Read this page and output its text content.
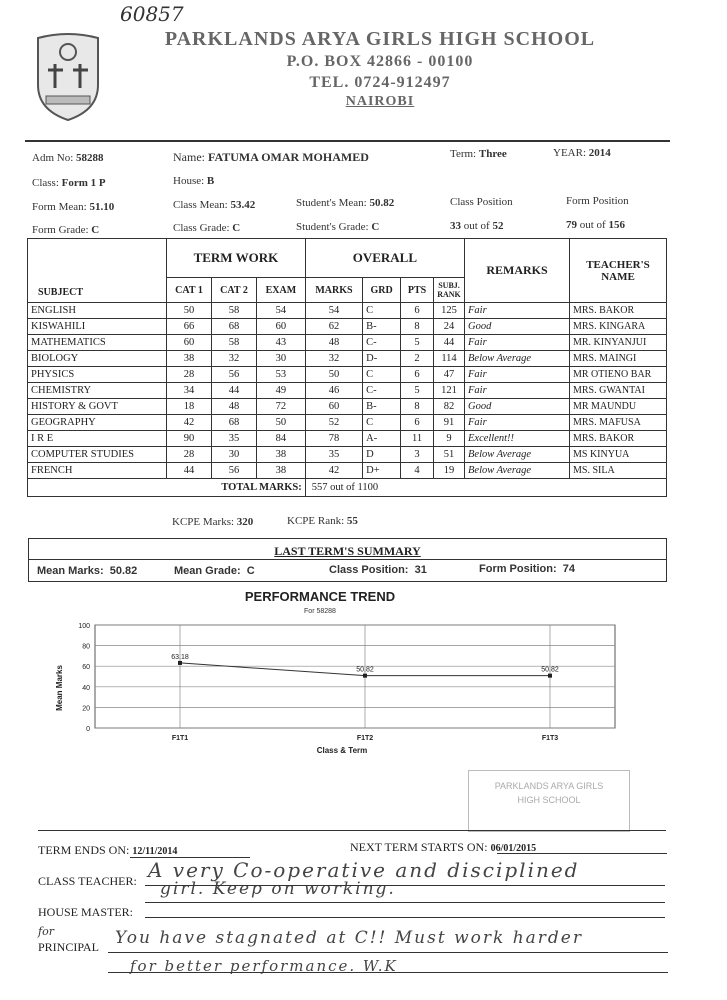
60857
PARKLANDS ARYA GIRLS HIGH SCHOOL
P.O. BOX 42866 - 00100
TEL. 0724-912497
NAIROBI
Adm No: 58288	Name: FATUMA OMAR MOHAMED	Term: Three	YEAR: 2014
Class: Form 1 P	House: B
Form Mean: 51.10	Class Mean: 53.42	Student's Mean: 50.82	Class Position	Form Position
Form Grade: C	Class Grade: C	Student's Grade: C	33 out of 52	79 out of 156
SUBJECT	TERM WORK			OVERALL				REMARKS	TEACHER'S NAME
	CAT 1	CAT 2	EXAM	MARKS	GRD	PTS	SUBJ. RANK		
ENGLISH	50	58	54	54	C	6	125	Fair	MRS. BAKOR
KISWAHILI	66	68	60	62	B-	8	24	Good	MRS. KINGARA
MATHEMATICS	60	58	43	48	C-	5	44	Fair	MR. KINYANJUI
BIOLOGY	38	32	30	32	D-	2	114	Below Average	MRS. MAINGI
PHYSICS	28	56	53	50	C	6	47	Fair	MR OTIENO BAR
CHEMISTRY	34	44	49	46	C-	5	121	Fair	MRS. GWANTAI
HISTORY & GOVT	18	48	72	60	B-	8	82	Good	MR MAUNDU
GEOGRAPHY	42	68	50	52	C	6	91	Fair	MRS. MAFUSA
I R E	90	35	84	78	A-	11	9	Excellent!!	MRS. BAKOR
COMPUTER STUDIES	28	30	38	35	D	3	51	Below Average	MS KINYUA
FRENCH	44	56	38	42	D+	4	19	Below Average	MS. SILA
TOTAL MARKS:				557 out of 1100					
KCPE Marks: 320	KCPE Rank: 55
LAST TERM'S SUMMARY
Mean Marks: 50.82	Mean Grade: C	Class Position: 31	Form Position: 74
PERFORMANCE TREND
For 58288
Mean Marks
Class & Term
0
20
40
60
80
100
F1T1	F1T2	F1T3
63.18
50.82	50.82
PARKLANDS ARYA GIRLS
HIGH SCHOOL
TERM ENDS ON: 12/11/2014	NEXT TERM STARTS ON: 06/01/2015
CLASS TEACHER: A very Co-operative and disciplined
girl. Keep on working.
HOUSE MASTER:
for
PRINCIPAL You have stagnated at C!! Must work harder
for better performance. W.K
